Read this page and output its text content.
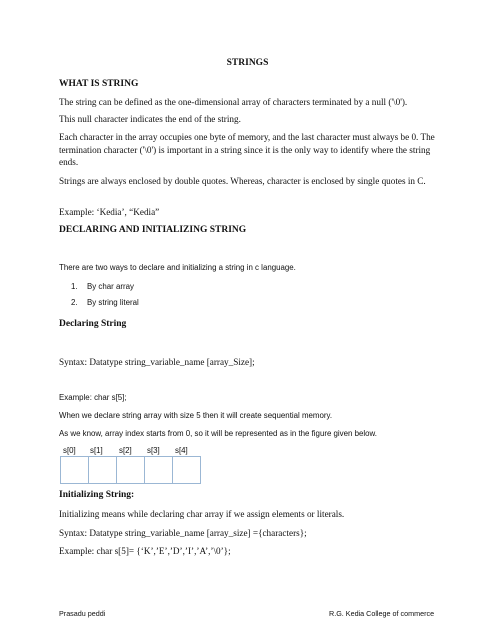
STRINGS
WHAT IS STRING

The string can be defined as the one-dimensional array of characters terminated by a null ('\0').

This null character indicates the end of the string.

Each character in the array occupies one byte of memory, and the last character must always be 0. The termination character ('\0') is important in a string since it is the only way to identify where the string ends.

Strings are always enclosed by double quotes. Whereas, character is enclosed by single quotes in C.

Example: ‘Kedia’, “Kedia”

DECLARING AND INITIALIZING STRING

There are two ways to declare and initializing a string in c language.

1. By char array
2. By string literal
Declaring String

Syntax: Datatype string_variable_name [array_Size];

Example: char s[5];

When we declare string array with size 5 then it will create sequential memory.

As we know, array index starts from 0, so it will be represented as in the figure given below.

s[0] s[1] s[2] s[3] s[4]
Initializing String:

Initializing means while declaring char array if we assign elements or literals.

Syntax: Datatype string_variable_name [array_size] ={characters};

Example: char s[5]= {‘K’,’E’,’D’,’I’,’A’,’\0’};

Prasadu peddi	R.G. Kedia College of commerce
